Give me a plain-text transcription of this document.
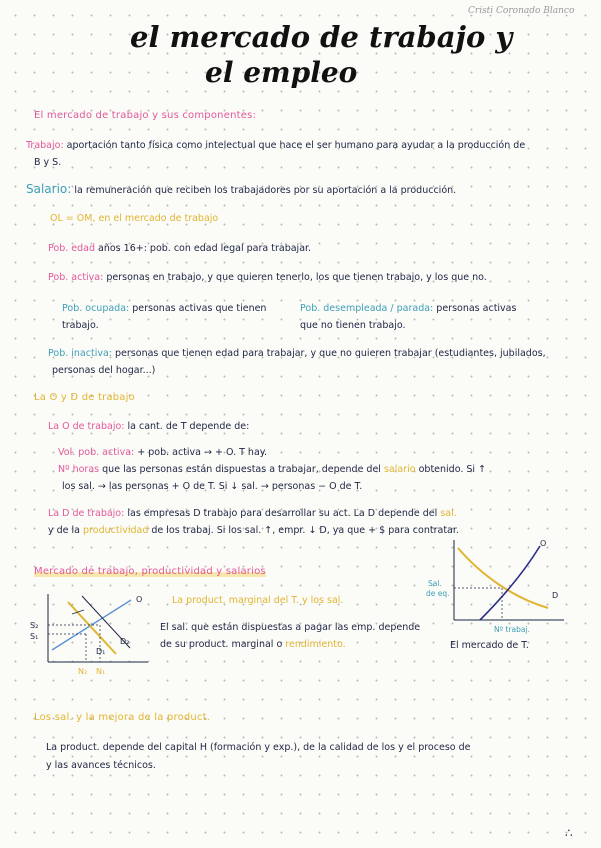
el mercado de trabajo y
el empleo
Cristi Coronado Blanco
El mercado de trabajo y sus componentes:
Trabajo: aportación tanto física como intelectual que hace el ser humano para ayudar a la producción de
B y S.
Salario: la remuneración que reciben los trabajadores por su aportación a la producción.
OL = OM, en el mercado de trabajo
Pob. edad años 16+: pob. con edad legal para trabajar.
Pob. activa: personas en trabajo, y que quieren tenerlo, los que tienen trabajo, y los que no.
Pob. ocupada: personas activas que tienen
trabajo.
Pob. desempleada / parada: personas activas
que no tienen trabajo.
Pob. inactiva: personas que tienen edad para trabajar, y que no quieren trabajar (estudiantes, jubilados,
personas del hogar...)
La O y D de trabajo
La O de trabajo: la cant. de T depende de:
Vol. pob. activa: + pob. activa → + O. T hay.
Nº horas que las personas están dispuestas a trabajar, depende del salario obtenido. Si ↑
los sal. → las personas + O de T. Si ↓ sal. → personas − O de T.
La D de trabajo: las empresas D trabajo para desarrollar su act. La D depende del sal.
y de la productividad de los trabaj. Si los sal. ↑, empr. ↓ D, ya que + $ para contratar.
Mercado de trabajo, productividad y salarios
La product. marginal del T. y los sal.
El sal. que están dispuestas a pagar las emp. depende
de su product. marginal o rendimiento.
S₂
S₁
N₂ N₁
O
D₁
D₂
Sal.
de eq.
O
D
Nº trabaj.
El mercado de T.
Los sal. y la mejora de la product.
La product. depende del capital H (formación y exp.), de la calidad de los y el proceso de
y las avances técnicos.
∴
